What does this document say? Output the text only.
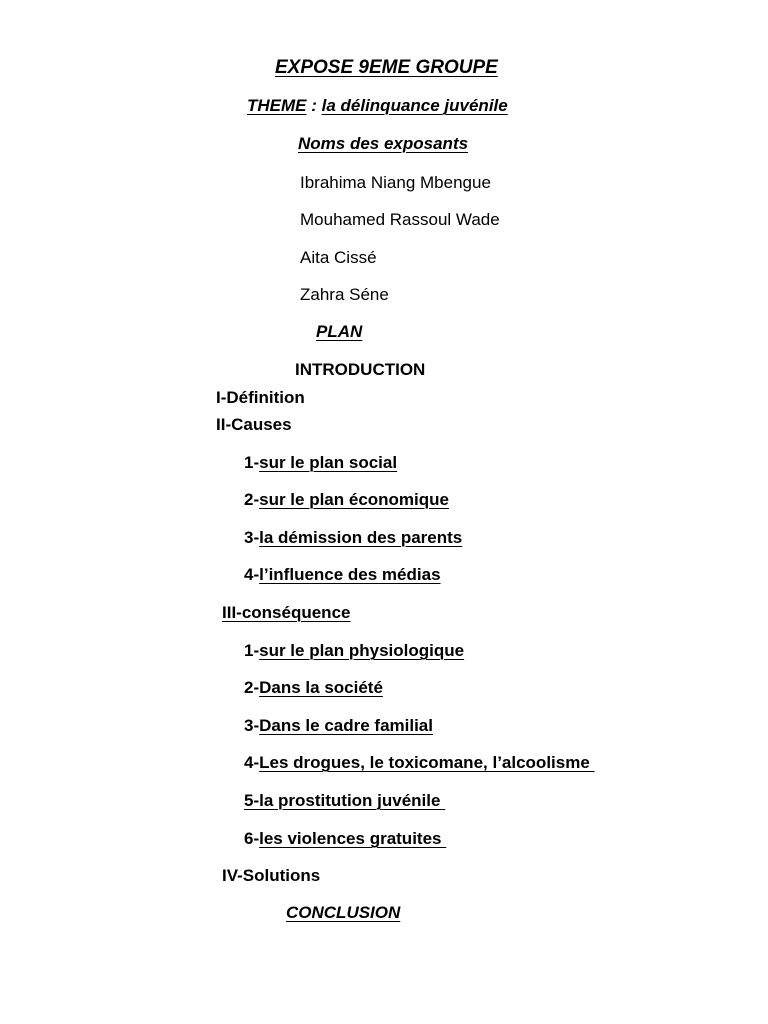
EXPOSE 9EME GROUPE
THEME : la délinquance juvénile
Noms des exposants
Ibrahima Niang Mbengue
Mouhamed Rassoul Wade
Aita Cissé
Zahra Séne
PLAN
INTRODUCTION
I-Définition
II-Causes
1-sur le plan social
2-sur le plan économique
3-la démission des parents
4-l’influence des médias
III-conséquence
1-sur le plan physiologique
2-Dans la société
3-Dans le cadre familial
4-Les drogues, le toxicomane, l’alcoolisme
5-la prostitution juvénile
6-les violences gratuites
IV-Solutions
CONCLUSION
